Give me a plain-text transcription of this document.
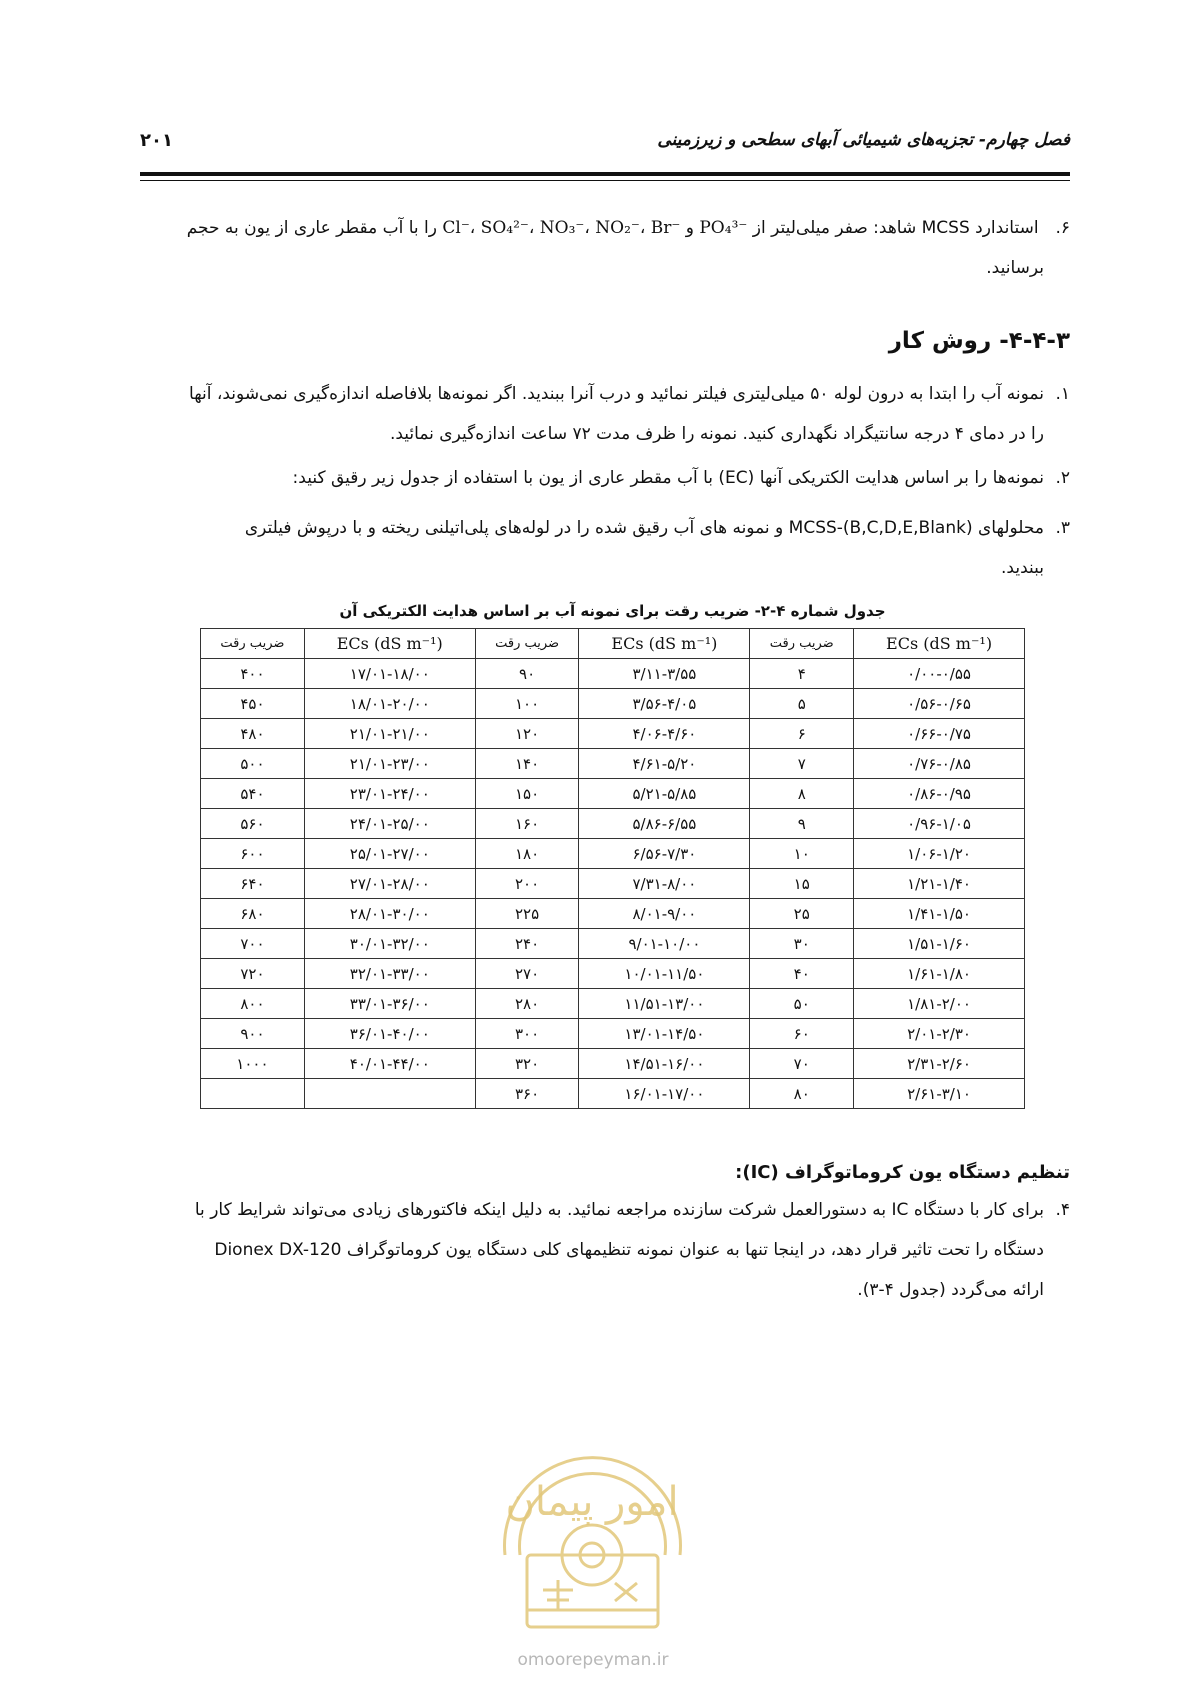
فصل چهارم- تجزیه‌های شیمیائی آبهای سطحی و زیرزمینی
۲۰۱
۶. استاندارد MCSS شاهد: صفر میلی‌لیتر از Cl⁻، SO₄²⁻، NO₃⁻، NO₂⁻، Br⁻ و PO₄³⁻ را با آب مقطر عاری از یون به حجم
برسانید.
۴-۴-۳- روش کار
۱.نمونه آب را ابتدا به درون لوله ۵۰ میلی‌لیتری فیلتر نمائید و درب آنرا ببندید. اگر نمونه‌ها بلافاصله اندازه‌گیری نمی‌شوند، آنها
را در دمای ۴ درجه سانتیگراد نگهداری کنید. نمونه را ظرف مدت ۷۲ ساعت اندازه‌گیری نمائید.
۲.نمونه‌ها را بر اساس هدایت الکتریکی آنها (EC) با آب مقطر عاری از یون با استفاده از جدول زیر رقیق کنید:
۳.محلولهای MCSS-(B,C,D,E,Blank) و نمونه های آب رقیق شده را در لوله‌های پلی‌اتیلنی ریخته و با درپوش فیلتری
ببندید.
جدول شماره ۴-۲- ضریب رقت برای نمونه آب بر اساس هدایت الکتریکی آن
ECs (dS m⁻¹)	ضریب رقت	ECs (dS m⁻¹)	ضریب رقت	ECs (dS m⁻¹)	ضریب رقت
۰/۰۰-۰/۵۵	۴	۳/۱۱-۳/۵۵	۹۰	۱۷/۰۱-۱۸/۰۰	۴۰۰
۰/۵۶-۰/۶۵	۵	۳/۵۶-۴/۰۵	۱۰۰	۱۸/۰۱-۲۰/۰۰	۴۵۰
۰/۶۶-۰/۷۵	۶	۴/۰۶-۴/۶۰	۱۲۰	۲۱/۰۱-۲۱/۰۰	۴۸۰
۰/۷۶-۰/۸۵	۷	۴/۶۱-۵/۲۰	۱۴۰	۲۱/۰۱-۲۳/۰۰	۵۰۰
۰/۸۶-۰/۹۵	۸	۵/۲۱-۵/۸۵	۱۵۰	۲۳/۰۱-۲۴/۰۰	۵۴۰
۰/۹۶-۱/۰۵	۹	۵/۸۶-۶/۵۵	۱۶۰	۲۴/۰۱-۲۵/۰۰	۵۶۰
۱/۰۶-۱/۲۰	۱۰	۶/۵۶-۷/۳۰	۱۸۰	۲۵/۰۱-۲۷/۰۰	۶۰۰
۱/۲۱-۱/۴۰	۱۵	۷/۳۱-۸/۰۰	۲۰۰	۲۷/۰۱-۲۸/۰۰	۶۴۰
۱/۴۱-۱/۵۰	۲۵	۸/۰۱-۹/۰۰	۲۲۵	۲۸/۰۱-۳۰/۰۰	۶۸۰
۱/۵۱-۱/۶۰	۳۰	۹/۰۱-۱۰/۰۰	۲۴۰	۳۰/۰۱-۳۲/۰۰	۷۰۰
۱/۶۱-۱/۸۰	۴۰	۱۰/۰۱-۱۱/۵۰	۲۷۰	۳۲/۰۱-۳۳/۰۰	۷۲۰
۱/۸۱-۲/۰۰	۵۰	۱۱/۵۱-۱۳/۰۰	۲۸۰	۳۳/۰۱-۳۶/۰۰	۸۰۰
۲/۰۱-۲/۳۰	۶۰	۱۳/۰۱-۱۴/۵۰	۳۰۰	۳۶/۰۱-۴۰/۰۰	۹۰۰
۲/۳۱-۲/۶۰	۷۰	۱۴/۵۱-۱۶/۰۰	۳۲۰	۴۰/۰۱-۴۴/۰۰	۱۰۰۰
۲/۶۱-۳/۱۰	۸۰	۱۶/۰۱-۱۷/۰۰	۳۶۰		
تنظیم دستگاه یون کروماتوگراف (IC):
۴.برای کار با دستگاه IC به دستورالعمل شرکت سازنده مراجعه نمائید. به دلیل اینکه فاکتورهای زیادی می‌تواند شرایط کار با
دستگاه را تحت تاثیر قرار دهد، در اینجا تنها به عنوان نمونه تنظیمهای کلی دستگاه یون کروماتوگراف Dionex DX-120
ارائه می‌گردد (جدول ۴-۳).
امور پیمان
omoorepeyman.ir
